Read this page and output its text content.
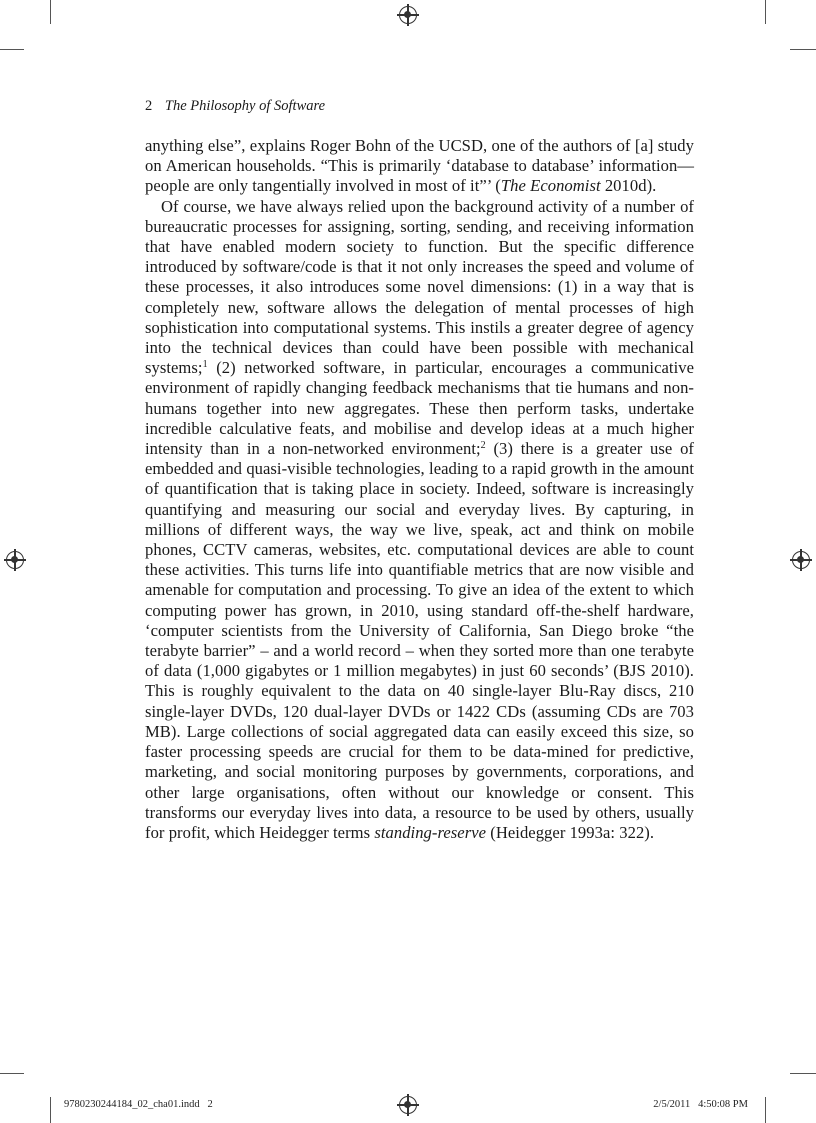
2 The Philosophy of Software

anything else”, explains Roger Bohn of the UCSD, one of the authors of [a] study on American households. “This is primarily ‘database to database’ information—people are only tangentially involved in most of it”’ (The Economist 2010d).

Of course, we have always relied upon the background activity of a number of bureaucratic processes for assigning, sorting, sending, and receiving information that have enabled modern society to function. But the specific difference introduced by software/code is that it not only increases the speed and volume of these processes, it also introduces some novel dimensions: (1) in a way that is completely new, software allows the delegation of mental processes of high sophistication into computational systems. This instils a greater degree of agency into the technical devices than could have been possible with mechanical systems;$^1$ (2) networked software, in particular, encourages a communicative environment of rapidly changing feedback mechanisms that tie humans and non-humans together into new aggregates. These then perform tasks, undertake incredible calculative feats, and mobilise and develop ideas at a much higher intensity than in a non-networked environment;$^2$ (3) there is a greater use of embedded and quasi-visible technologies, leading to a rapid growth in the amount of quantification that is taking place in society. Indeed, software is increasingly quantifying and measuring our social and everyday lives. By capturing, in millions of different ways, the way we live, speak, act and think on mobile phones, CCTV cameras, websites, etc. computational devices are able to count these activities. This turns life into quantifiable metrics that are now visible and amenable for computation and processing. To give an idea of the extent to which computing power has grown, in 2010, using standard off-the-shelf hardware, ‘computer scientists from the University of California, San Diego broke “the terabyte barrier” – and a world record – when they sorted more than one terabyte of data (1,000 gigabytes or 1 million megabytes) in just 60 seconds’ (BJS 2010). This is roughly equivalent to the data on 40 single-layer Blu-Ray discs, 210 single-layer DVDs, 120 dual-layer DVDs or 1422 CDs (assuming CDs are 703 MB). Large collections of social aggregated data can easily exceed this size, so faster processing speeds are crucial for them to be data-mined for predictive, marketing, and social monitoring purposes by governments, corporations, and other large organisations, often without our knowledge or consent. This transforms our everyday lives into data, a resource to be used by others, usually for profit, which Heidegger terms standing-reserve (Heidegger 1993a: 322).

9780230244184_02_cha01.indd   2	2/5/2011   4:50:08 PM
